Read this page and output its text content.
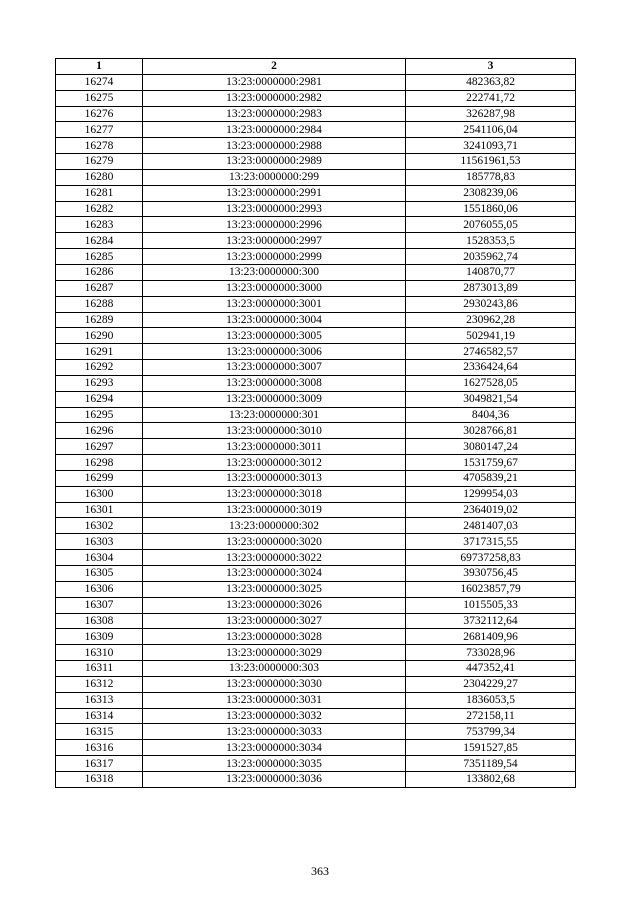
1	2	3
16274	13:23:0000000:2981	482363,82
16275	13:23:0000000:2982	222741,72
16276	13:23:0000000:2983	326287,98
16277	13:23:0000000:2984	2541106,04
16278	13:23:0000000:2988	3241093,71
16279	13:23:0000000:2989	11561961,53
16280	13:23:0000000:299	185778,83
16281	13:23:0000000:2991	2308239,06
16282	13:23:0000000:2993	1551860,06
16283	13:23:0000000:2996	2076055,05
16284	13:23:0000000:2997	1528353,5
16285	13:23:0000000:2999	2035962,74
16286	13:23:0000000:300	140870,77
16287	13:23:0000000:3000	2873013,89
16288	13:23:0000000:3001	2930243,86
16289	13:23:0000000:3004	230962,28
16290	13:23:0000000:3005	502941,19
16291	13:23:0000000:3006	2746582,57
16292	13:23:0000000:3007	2336424,64
16293	13:23:0000000:3008	1627528,05
16294	13:23:0000000:3009	3049821,54
16295	13:23:0000000:301	8404,36
16296	13:23:0000000:3010	3028766,81
16297	13:23:0000000:3011	3080147,24
16298	13:23:0000000:3012	1531759,67
16299	13:23:0000000:3013	4705839,21
16300	13:23:0000000:3018	1299954,03
16301	13:23:0000000:3019	2364019,02
16302	13:23:0000000:302	2481407,03
16303	13:23:0000000:3020	3717315,55
16304	13:23:0000000:3022	69737258,83
16305	13:23:0000000:3024	3930756,45
16306	13:23:0000000:3025	16023857,79
16307	13:23:0000000:3026	1015505,33
16308	13:23:0000000:3027	3732112,64
16309	13:23:0000000:3028	2681409,96
16310	13:23:0000000:3029	733028,96
16311	13:23:0000000:303	447352,41
16312	13:23:0000000:3030	2304229,27
16313	13:23:0000000:3031	1836053,5
16314	13:23:0000000:3032	272158,11
16315	13:23:0000000:3033	753799,34
16316	13:23:0000000:3034	1591527,85
16317	13:23:0000000:3035	7351189,54
16318	13:23:0000000:3036	133802,68
363
